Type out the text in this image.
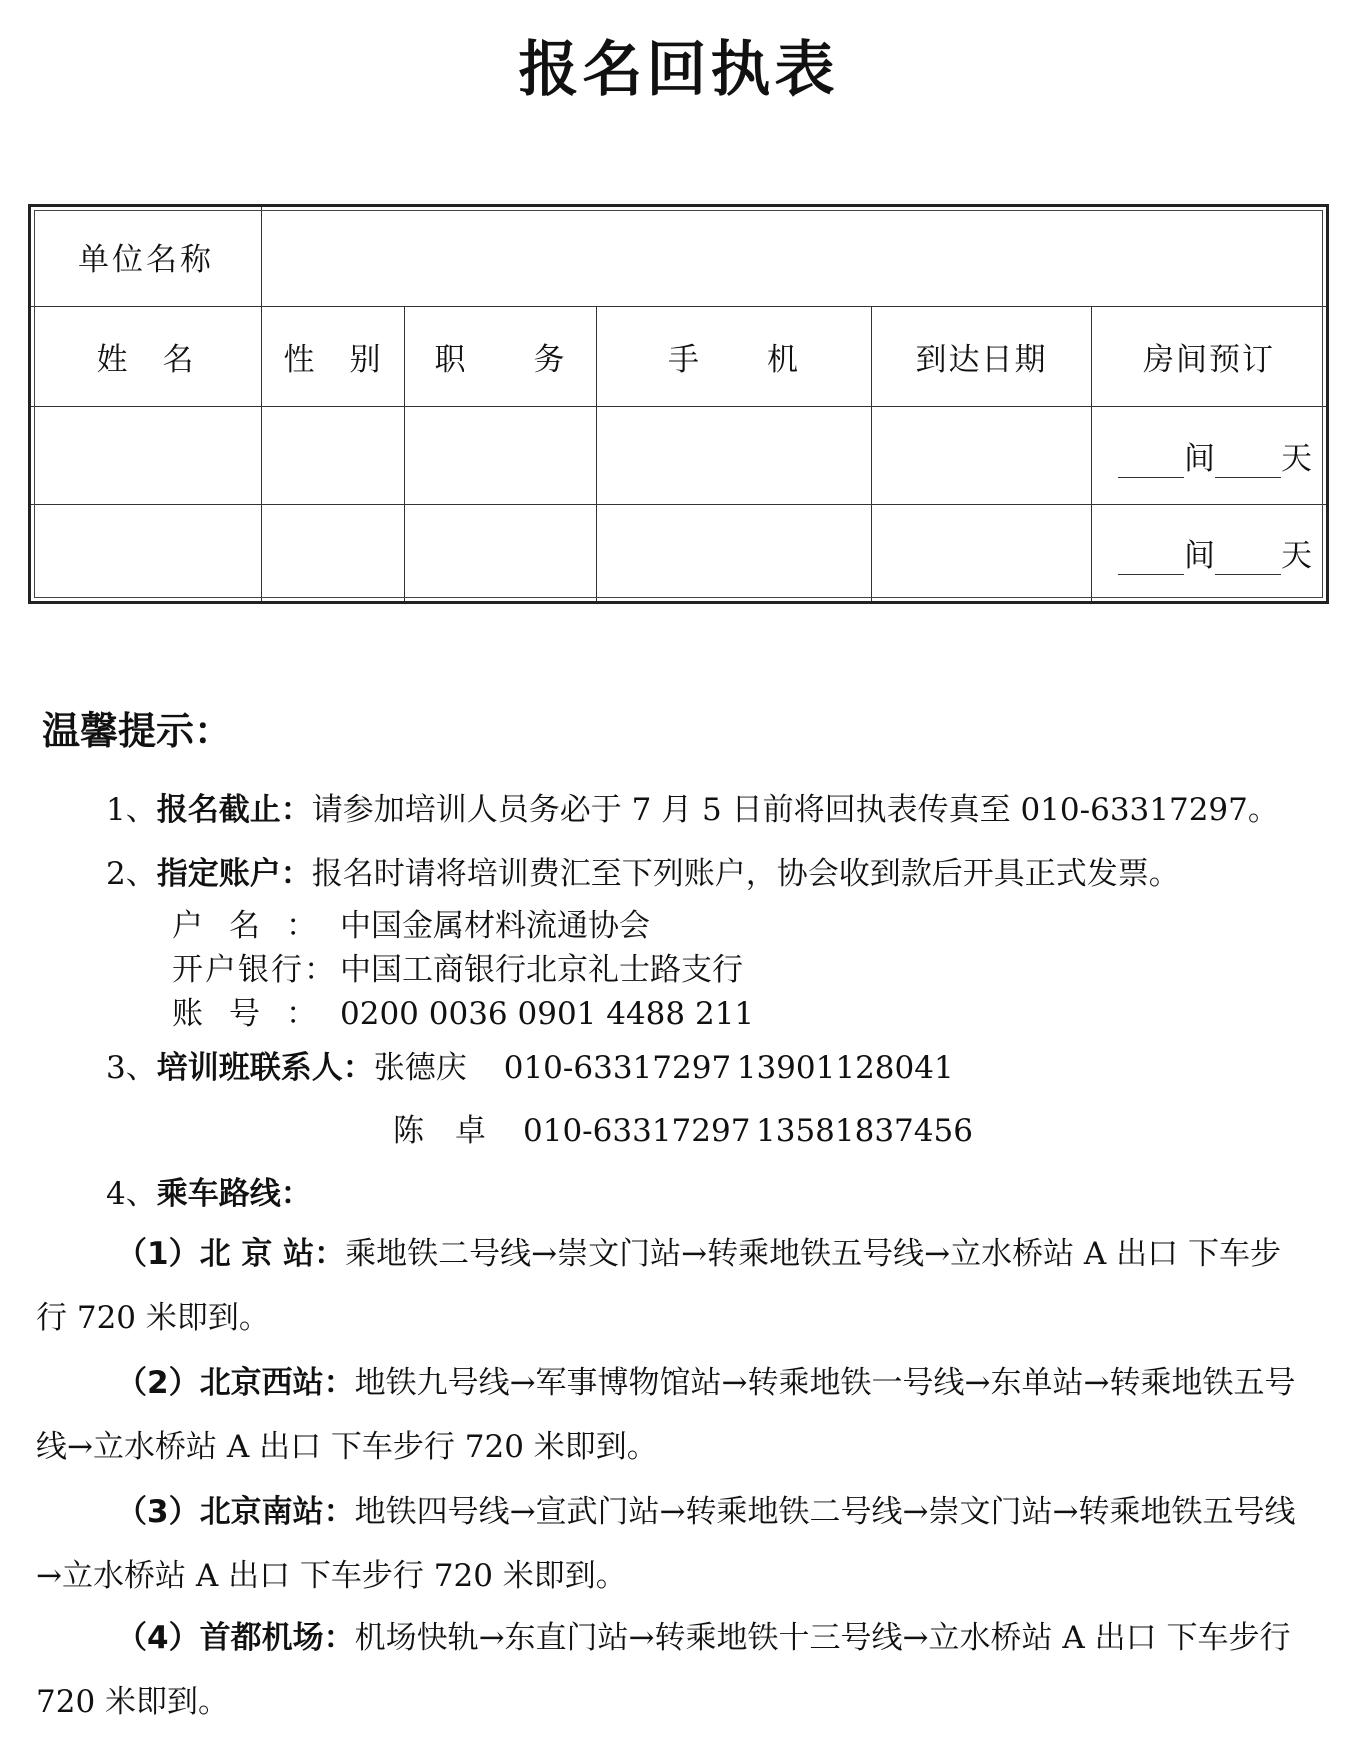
报名回执表
单位名称					
姓　名	性　别	职　　务	手　　机	到达日期	房间预订
					间 天
					间 天
温馨提示：
1、报名截止：请参加培训人员务必于 7 月 5 日前将回执表传真至 010-63317297。
2、指定账户：报名时请将培训费汇至下列账户，协会收到款后开具正式发票。
户名： 中国金属材料流通协会
开户银行：中国工商银行北京礼士路支行
账号： 0200 0036 0901 4488 211
3、培训班联系人：张德庆 010-63317297 13901128041
陈　卓 010-63317297 13581837456
4、乘车路线：
（1）北 京 站：乘地铁二号线→崇文门站→转乘地铁五号线→立水桥站 A 出口 下车步行 720 米即到。
（2）北京西站：地铁九号线→军事博物馆站→转乘地铁一号线→东单站→转乘地铁五号线→立水桥站 A 出口 下车步行 720 米即到。
（3）北京南站：地铁四号线→宣武门站→转乘地铁二号线→崇文门站→转乘地铁五号线→立水桥站 A 出口 下车步行 720 米即到。
（4）首都机场：机场快轨→东直门站→转乘地铁十三号线→立水桥站 A 出口 下车步行 720 米即到。
